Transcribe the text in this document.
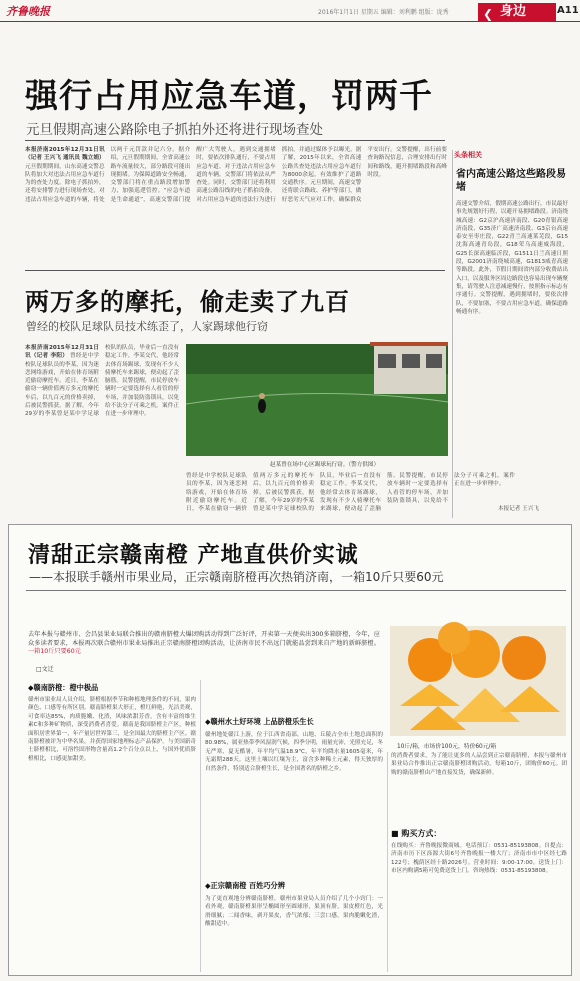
齐鲁晚报	2016年1月1日 星期五 编辑：刘利鹏 组版：庞秀	❮ 身边	A11
强行占用应急车道，罚两千
元旦假期高速公路除电子抓拍外还将进行现场查处
本报济南2015年12月31日讯（记者 王兴飞 通讯员 魏立娟） 元旦假期期间，山东高速交警总队将加大对违法占用应急车道行为的查处力度。除电子抓拍外，还将安排警力进行现场查处，对违法占用应急车道的车辆，将处以两千元罚款并记六分。据介绍，元旦假期期间，全省高速公路车流量较大，部分路段可能出现拥堵。为保障道路安全畅通，交警部门将在重点路段增加警力，加强巡逻管控。“应急车道是生命通道”，高速交警部门提醒广大驾驶人，遇到交通拥堵时，要依次排队通行，不要占用应急车道。对于违法占用应急车道的车辆，交警部门将依法从严查处。同时，交警部门还将利用高速公路沿线的电子抓拍设备，对占用应急车道的违法行为进行抓拍，并通过媒体予以曝光。据了解，2015年以来，全省高速公路共查处违法占用应急车道行为8000余起，有效维护了道路交通秩序。元旦期间，高速交警还将联合路政、养护等部门，做好恶劣天气应对工作，确保群众平安出行。交警提醒，出行前要查询路况信息，合理安排出行时间和路线，避开拥堵路段和高峰时段。
头条相关
省内高速公路这些路段易堵
高速交警介绍，假期高速公路出行，市民最好事先规划好行程，以避开易拥堵路段。济南绕城高速：G2京沪高速济南段、G20青银高速济南段、G35济广高速济南段、G3京台高速泰安至枣庄段，G22青兰高速莱芜段，G15沈海高速青岛段，G18荣乌高速威海段，G25长深高速临沂段，G1511日兰高速日照段，G2001济南绕城高速，G1813威青高速等路段。此外，节假日期间省内部分收费站出入口，以及服务区周边路段也容易出现车辆聚集，请驾驶人注意减速慢行，按照指示标志有序通行。交警提醒，遇到拥堵时，要依次排队，不要加塞，不要占用应急车道，确保道路畅通有序。
本报记者 王兴飞
两万多的摩托，偷走卖了九百
曾经的校队足球队员技术练歪了，人家踢球他行窃
本报济南2015年12月31日讯（记者 李阳） 曾经是中学校队足球队员的李某，因为迷恋网络游戏，开始在体育场附近偷窃摩托车。近日，李某在偷窃一辆价值两万多元的摩托车后，以九百元的价格卖掉，后被民警抓获。据了解，今年29岁的李某曾是某中学足球校队的队员，毕业后一直没有稳定工作。李某交代，他经常去体育场踢球，发现有不少人骑摩托车来踢球，便动起了歪脑筋。民警提醒，市民停放车辆时一定要选择有人看管的停车场，并加装防盗锁具，以免给不法分子可乘之机。案件正在进一步审理中。
赵某曾在场中心区踢球玩行窃。（警方供图）
曾经是中学校队足球队员的李某，因为迷恋网络游戏，开始在体育场附近偷窃摩托车。近日，李某在偷窃一辆价值两万多元的摩托车后，以九百元的价格卖掉，后被民警抓获。据了解，今年29岁的李某曾是某中学足球校队的队员，毕业后一直没有稳定工作。李某交代，他经常去体育场踢球，发现有不少人骑摩托车来踢球，便动起了歪脑筋。民警提醒，市民停放车辆时一定要选择有人看管的停车场，并加装防盗锁具，以免给不法分子可乘之机。案件正在进一步审理中。
清甜正宗赣南橙 产地直供价实诚
——本报联手赣州市果业局，正宗赣南脐橙再次热销济南，一箱10斤只要60元
去年本报与赣州市、会昌县果业局联合推出的赣南脐橙大爆团购活动得到广泛好评，开卖第一天便卖出300多箱脐橙，今年，应众多读者要求，本报再次联合赣州市果业局推出正宗赣南脐橙团购活动，让济南市民不出远门就能品尝到来自产地的新鲜脐橙。 一箱10斤只要60元
□文迁
10斤/箱，市场价100元，特价60元/箱
◆赣南脐橙：橙中极品
赣州市果业局人员介绍，脐橙根据季节和种植地理条件的不同，果肉颜色、口感等有所区别。赣南脐橙果大形正，橙红鲜艳，光洁美观，可食率达85%，肉质脆嫩、化渣，风味浓甜芳香，含有丰富的维生素C和多种矿物质，深受消费者喜爱。赣南是我国脐橙主产区，种植面积居世界第一，年产量居世界第三，是全国最大的脐橙主产区。赣南脐橙被评为中华名果，并获得国家地理标志产品保护。与美国新奇士脐橙相比，可溶性固形物含量高1.2个百分点以上，与国外优质脐橙相比，口感更加甜美。
◆赣州水土好环境 上品脐橙乐生长
赣州地处赣江上游，位于江西省南部，山地、丘陵占全市土地总面积的80.98%，属亚热带季风湿润气候，四季分明，雨量充沛，光照充足，冬无严寒，夏无酷暑，年平均气温18.9℃，年平均降水量1605毫米，年无霜期288天。这里土壤以红壤为主，富含多种稀土元素，得天独厚的自然条件，特别适合脐橙生长，是全国著名的脐橙之乡。
◆正宗赣南橙 百姓巧分辨
为了更直观地分辨赣南脐橙，赣州市果业局人员介绍了几个小窍门：一看外观，赣南脐橙果形呈椭圆形至圆球形，果顶有脐，果皮橙红色，光滑细腻；二闻香味，剥开果皮，香气浓郁；三尝口感，果肉脆嫩化渣，酸甜适中。
的消费者要求，为了能让更多的人品尝到正宗赣南脐橙，本报与赣州市果业局合作推出正宗赣南脐橙团购活动，每箱10斤，团购价60元。团购的赣南脐橙由产地直接发货，确保新鲜。
■ 购买方式：
在线购买：齐鲁晚报微商城。电话预订：0531-85193808。自提点：济南市历下区泺源大街6号齐鲁晚报一楼大厅；济南市市中区经七路122号；槐荫区经十路2026号。营业时间：9:00-17:00。送货上门：市区内购满5箱可免费送货上门。咨询热线：0531-85193808。
